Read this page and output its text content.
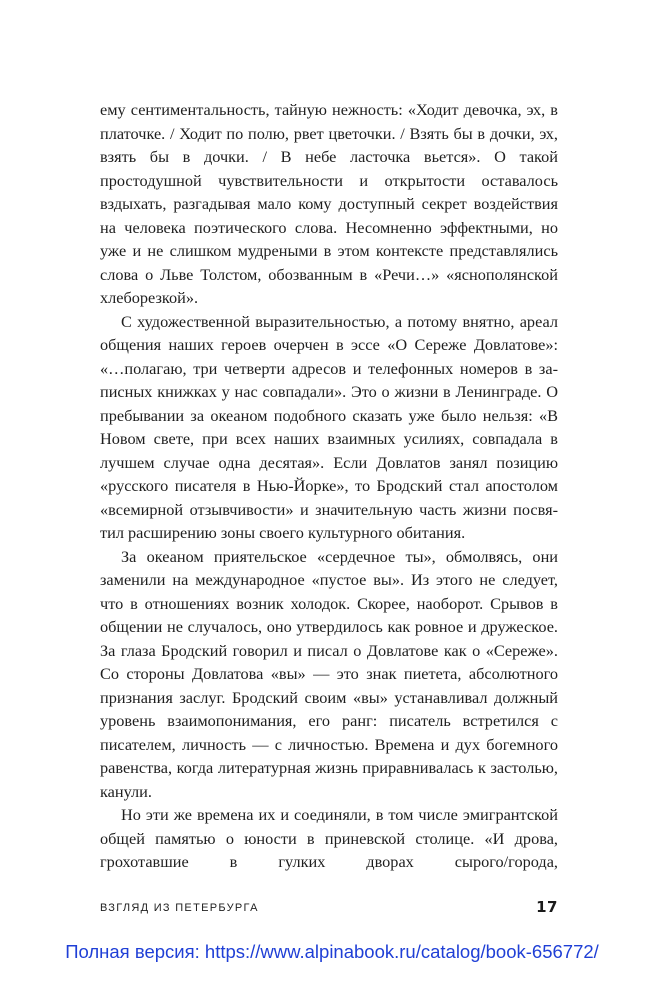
ему сентиментальность, тайную нежность: «Ходит девочка, эх, в платочке. / Ходит по полю, рвет цветочки. / Взять бы в дочки, эх, взять бы в дочки. / В небе ласточка вьется». О такой простодушной чувствительности и открытости оставалось вздыхать, разгадывая мало кому доступный секрет воздействия на человека поэтического слова. Несомненно эффектными, но уже и не слишком мудреными в этом контексте представлялись слова о Льве Толстом, обозванным в «Речи…» «яснополянской хлеборезкой».

С художественной выразительностью, а потому внятно, ареал общения наших героев очерчен в эссе «О Сереже Довлатове»: «…полагаю, три четверти адресов и телефонных номеров в записных книжках у нас совпадали». Это о жизни в Ленинграде. О пребывании за океаном подобного сказать уже было нельзя: «В Новом свете, при всех наших взаимных усилиях, совпадала в лучшем случае одна десятая». Если Довлатов занял позицию «русского писателя в Нью-Йорке», то Бродский стал апостолом «всемирной отзывчивости» и значительную часть жизни посвятил расширению зоны своего культурного обитания.

За океаном приятельское «сердечное ты», обмолвясь, они заменили на международное «пустое вы». Из этого не следует, что в отношениях возник холодок. Скорее, наоборот. Срывов в общении не случалось, оно утвердилось как ровное и дружеское. За глаза Бродский говорил и писал о Довлатове как о «Сереже». Со стороны Довлатова «вы» — это знак пиетета, абсолютного признания заслуг. Бродский своим «вы» устанавливал должный уровень взаимопонимания, его ранг: писатель встретился с писателем, личность — с личностью. Времена и дух богемного равенства, когда литературная жизнь приравнивалась к застолью, канули.

Но эти же времена их и соединяли, в том числе эмигрантской общей памятью о юности в приневской столице. «И дрова, грохотавшие в гулких дворах сырого/города,

ВЗГЛЯД ИЗ ПЕТЕРБУРГА	17
Полная версия: https://www.alpinabook.ru/catalog/book-656772/
